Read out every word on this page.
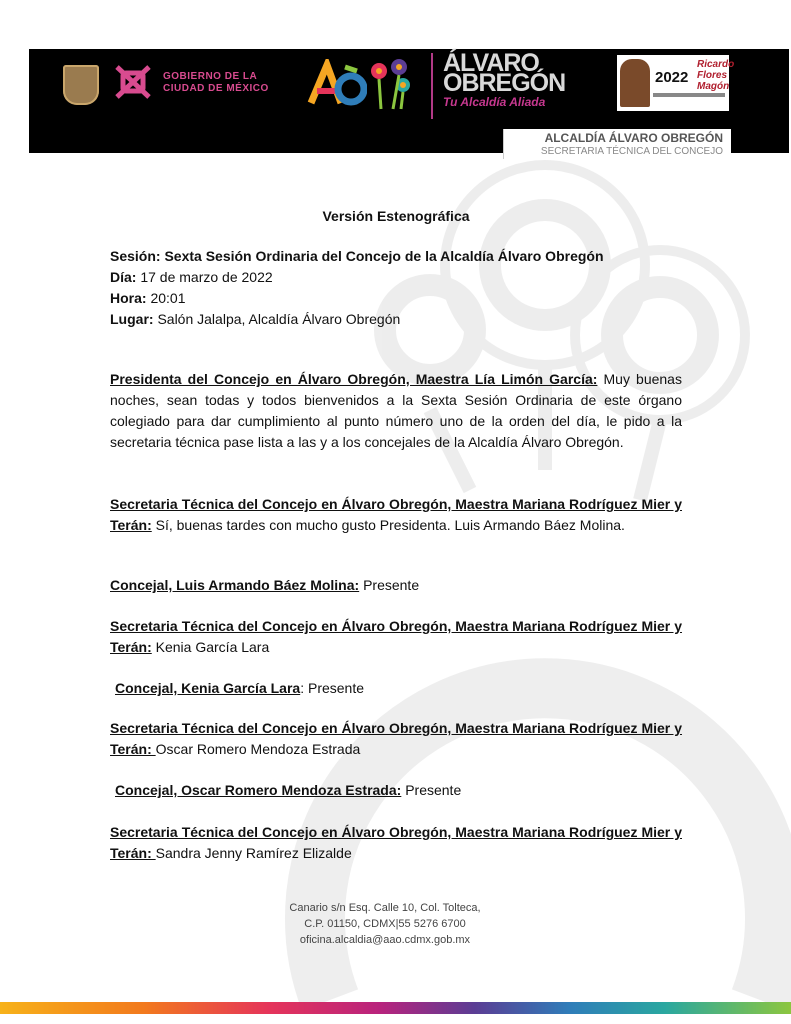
GOBIERNO DE LA
CIUDAD DE MÉXICO
ÁLVARO
OBREGÓN
Tu Alcaldía Aliada
2022
Ricardo Flores Magón
ALCALDÍA ÁLVARO OBREGÓN
SECRETARIA TÉCNICA DEL CONCEJO
Versión Estenográfica
Sesión: Sexta Sesión Ordinaria del Concejo de la Alcaldía Álvaro Obregón
Día: 17 de marzo de 2022
Hora: 20:01
Lugar: Salón Jalalpa, Alcaldía Álvaro Obregón
Presidenta del Concejo en Álvaro Obregón, Maestra Lía Limón García: Muy buenas noches, sean todas y todos bienvenidos a la Sexta Sesión Ordinaria de este órgano colegiado para dar cumplimiento al punto número uno de la orden del día, le pido a la secretaria técnica pase lista a las y a los concejales de la Alcaldía Álvaro Obregón.
Secretaria Técnica del Concejo en Álvaro Obregón, Maestra Mariana Rodríguez Mier y Terán: Sí, buenas tardes con mucho gusto Presidenta. Luis Armando Báez Molina.
Concejal, Luis Armando Báez Molina: Presente
Secretaria Técnica del Concejo en Álvaro Obregón, Maestra Mariana Rodríguez Mier y Terán: Kenia García Lara
Concejal, Kenia García Lara: Presente
Secretaria Técnica del Concejo en Álvaro Obregón, Maestra Mariana Rodríguez Mier y Terán: Oscar Romero Mendoza Estrada
Concejal, Oscar Romero Mendoza Estrada: Presente
Secretaria Técnica del Concejo en Álvaro Obregón, Maestra Mariana Rodríguez Mier y Terán: Sandra Jenny Ramírez Elizalde
Canario s/n Esq. Calle 10, Col. Tolteca,
C.P. 01150, CDMX|55 5276 6700
oficina.alcaldia@aao.cdmx.gob.mx
